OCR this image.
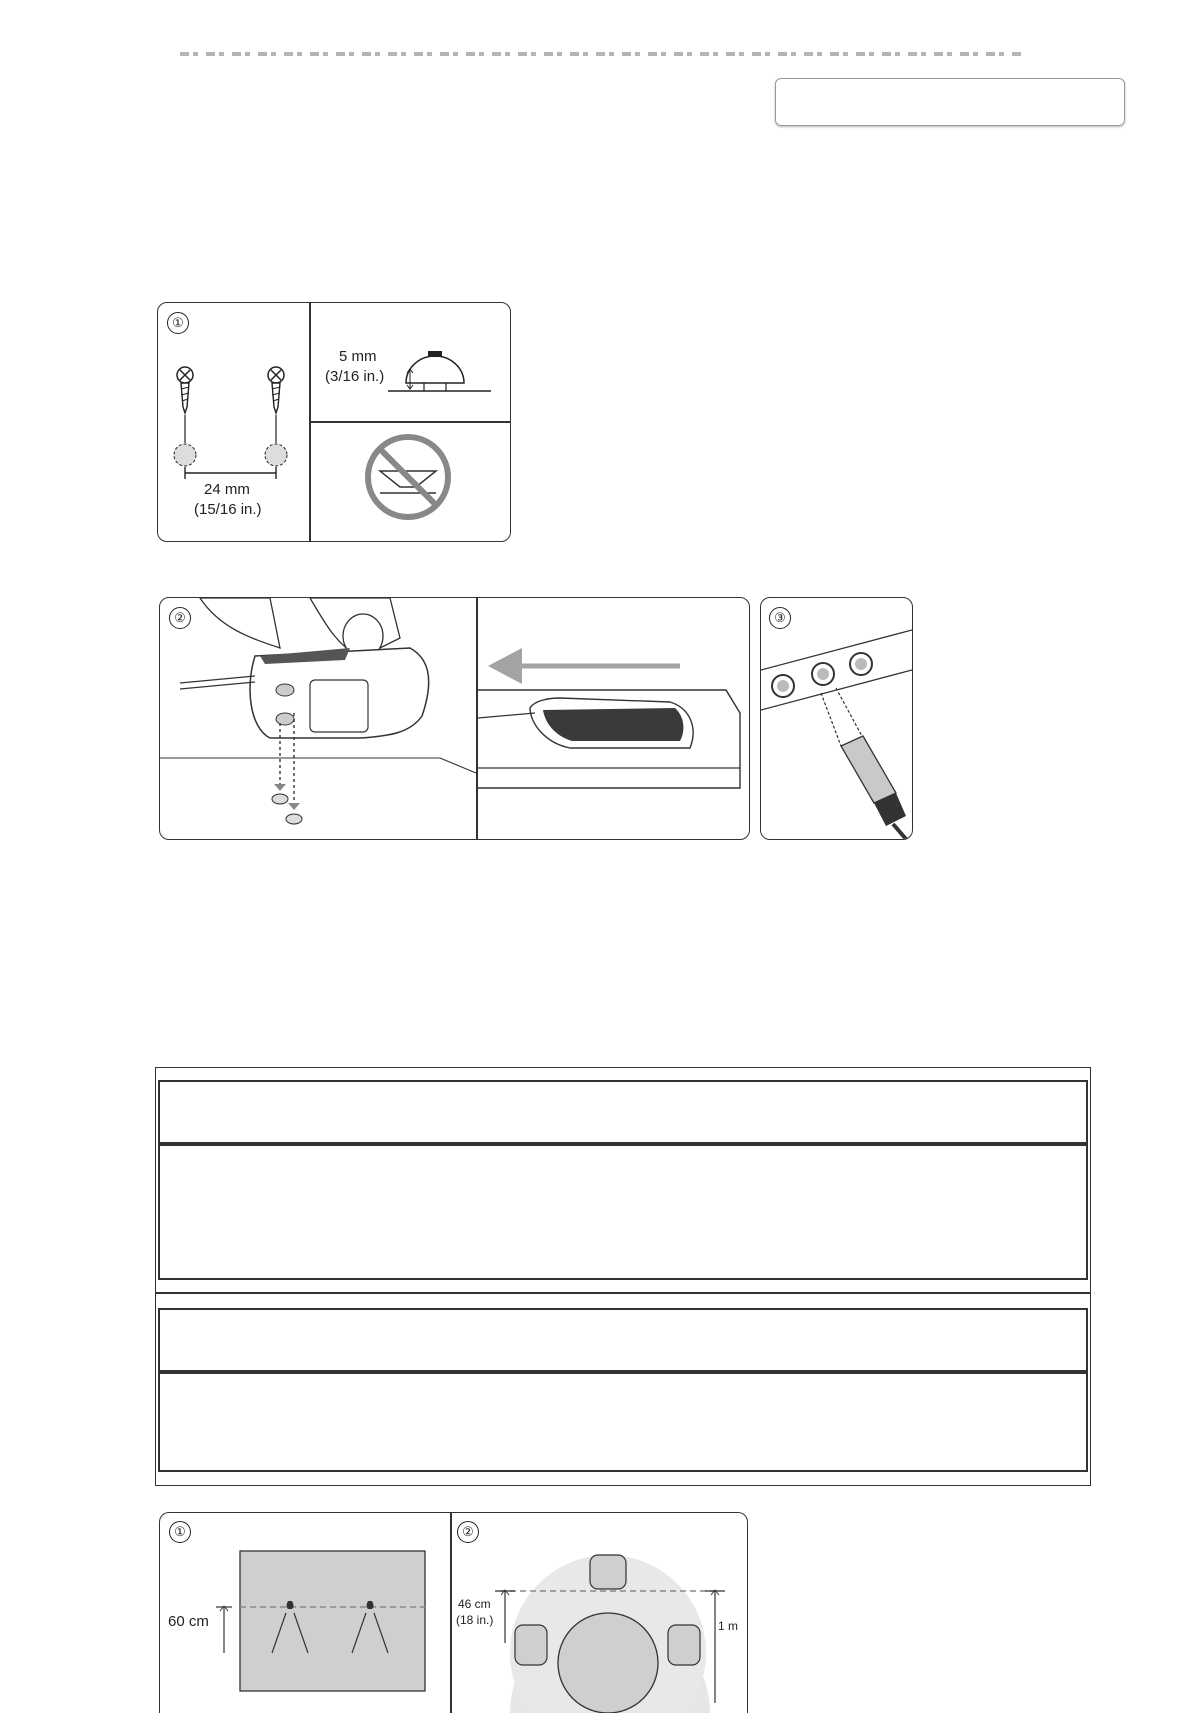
①
24 mm
(15/16 in.)
5 mm
(3/16 in.)
②	③
①	②
60 cm
46 cm
(18 in.)	1 m
